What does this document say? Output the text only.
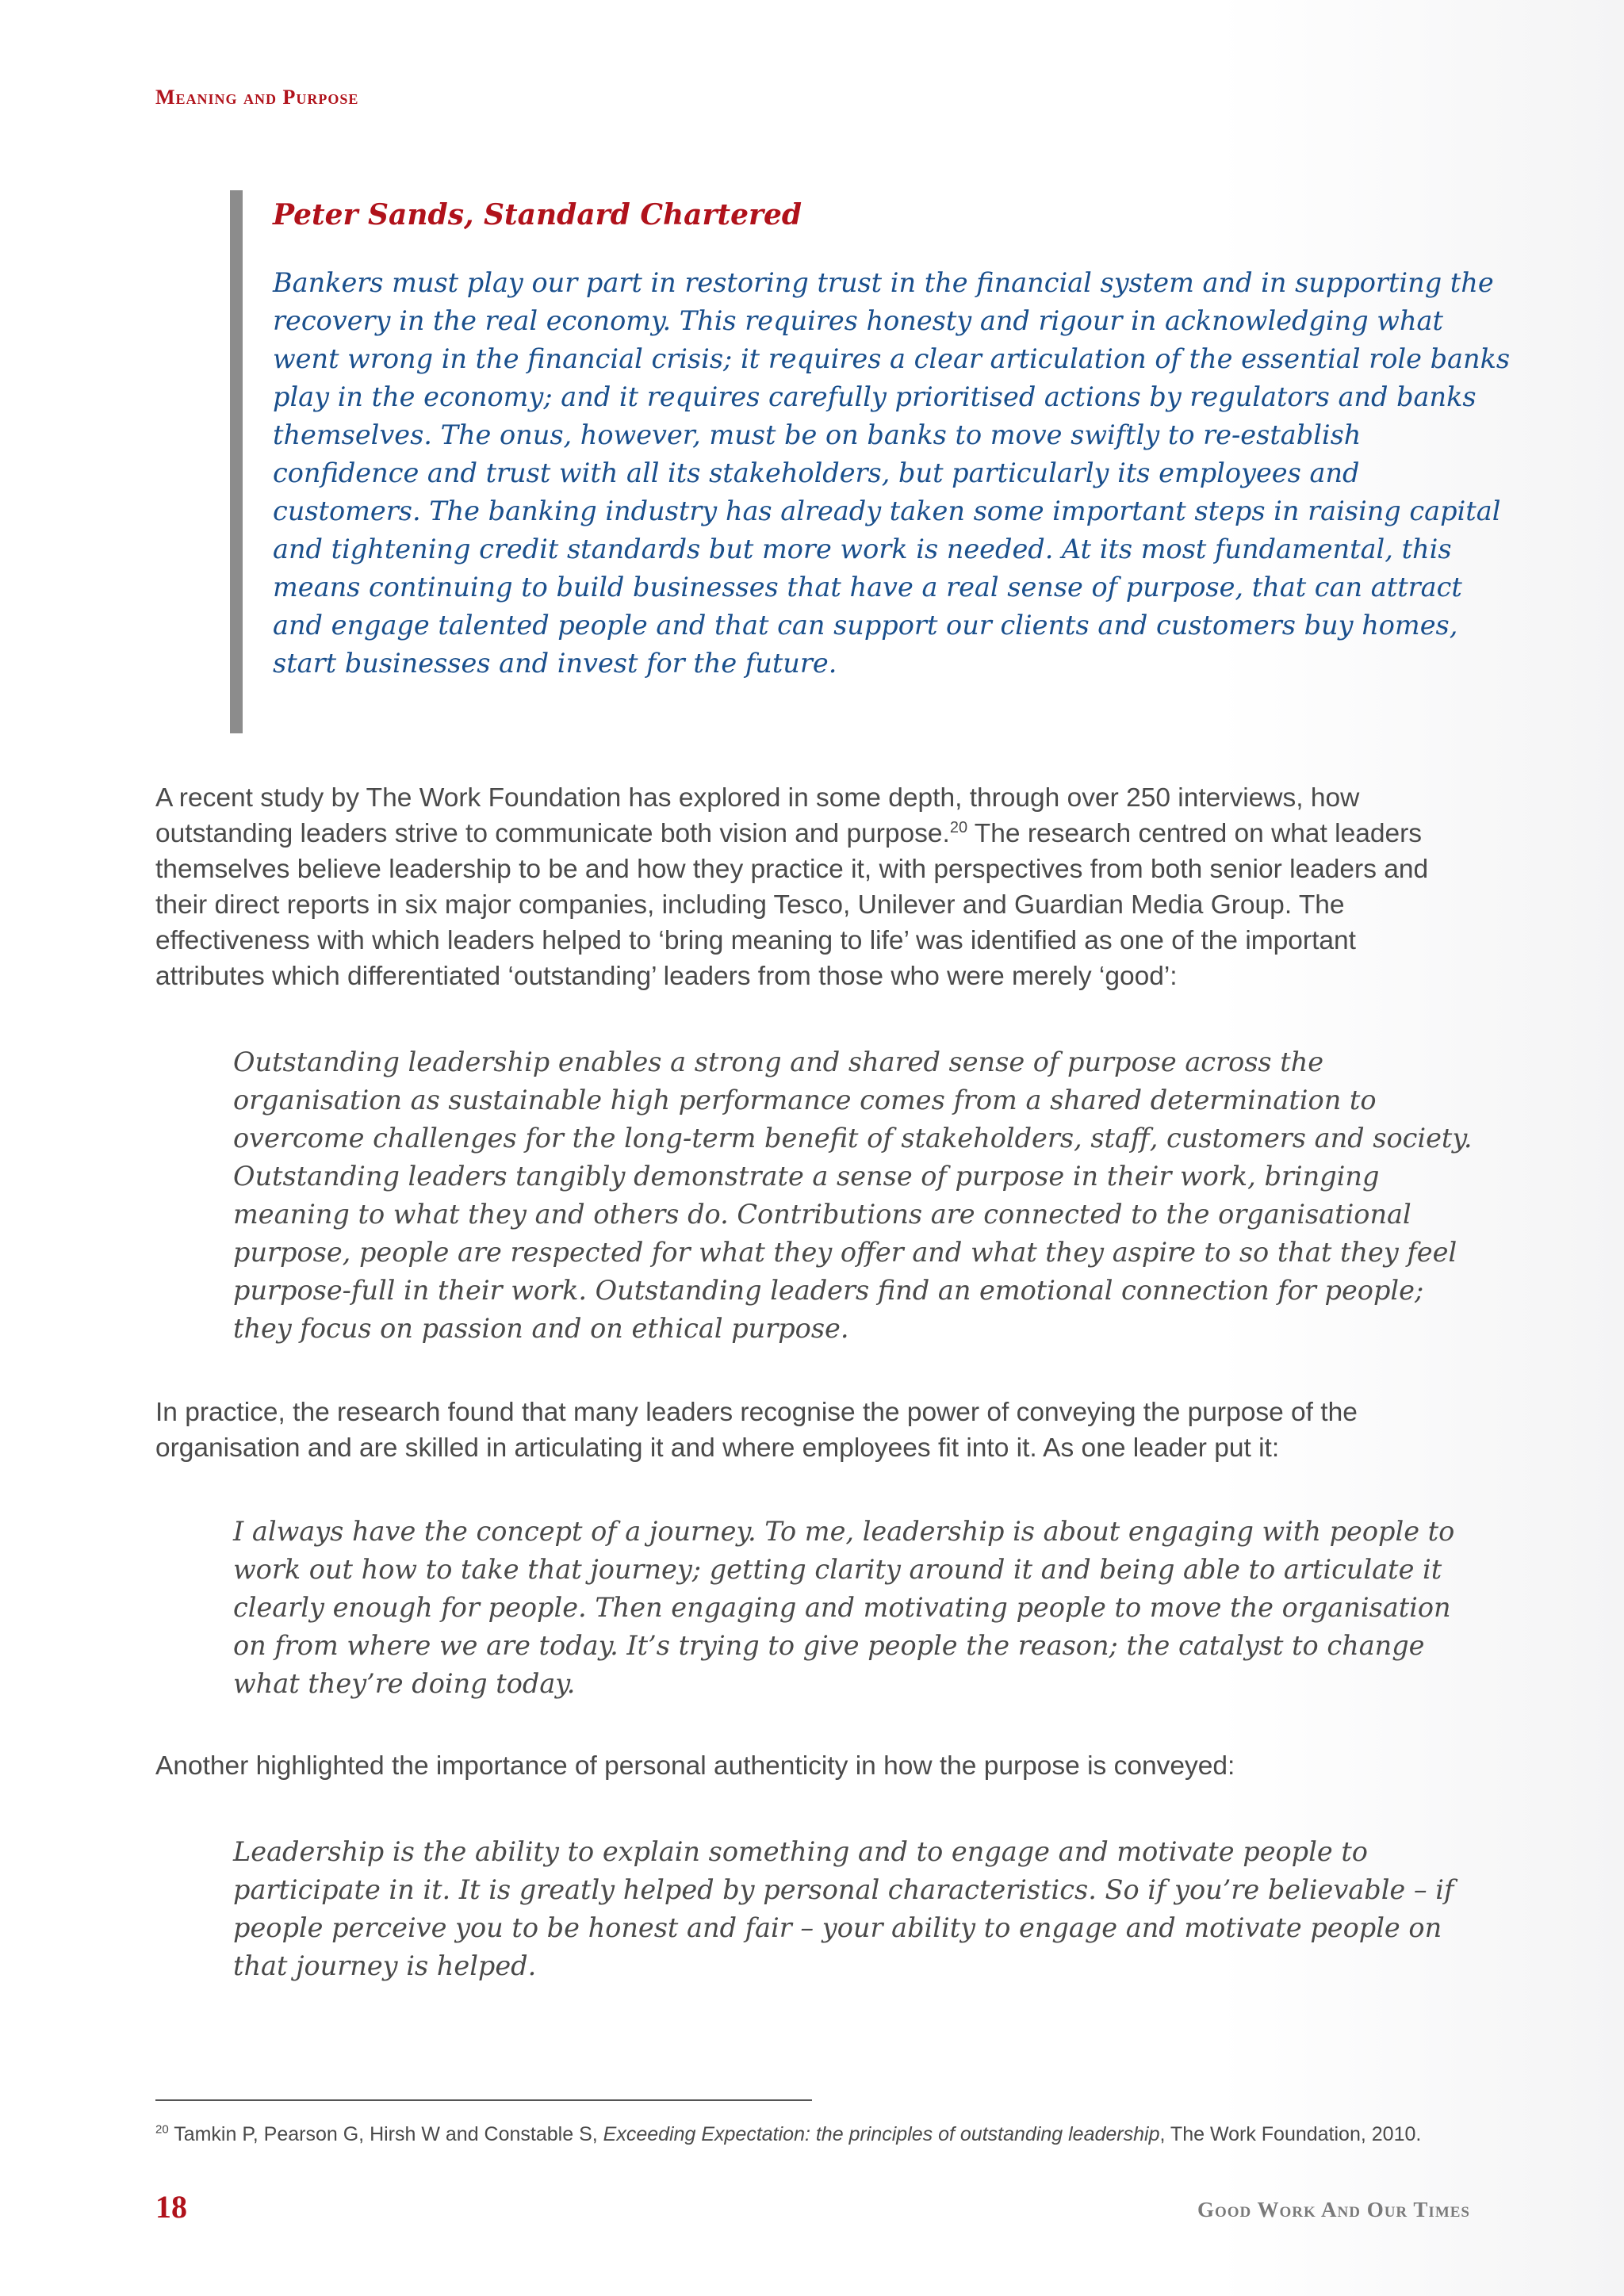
Meaning and Purpose
Peter Sands, Standard Chartered
Bankers must play our part in restoring trust in the financial system and in supporting the recovery in the real economy. This requires honesty and rigour in acknowledging what went wrong in the financial crisis; it requires a clear articulation of the essential role banks play in the economy; and it requires carefully prioritised actions by regulators and banks themselves. The onus, however, must be on banks to move swiftly to re-establish confidence and trust with all its stakeholders, but particularly its employees and customers. The banking industry has already taken some important steps in raising capital and tightening credit standards but more work is needed. At its most fundamental, this means continuing to build businesses that have a real sense of purpose, that can attract and engage talented people and that can support our clients and customers buy homes, start businesses and invest for the future.

A recent study by The Work Foundation has explored in some depth, through over 250 interviews, how outstanding leaders strive to communicate both vision and purpose.$^{20}$ The research centred on what leaders themselves believe leadership to be and how they practice it, with perspectives from both senior leaders and their direct reports in six major companies, including Tesco, Unilever and Guardian Media Group. The effectiveness with which leaders helped to ‘bring meaning to life’ was identified as one of the important attributes which differentiated ‘outstanding’ leaders from those who were merely ‘good’:

Outstanding leadership enables a strong and shared sense of purpose across the organisation as sustainable high performance comes from a shared determination to overcome challenges for the long-term benefit of stakeholders, staff, customers and society. Outstanding leaders tangibly demonstrate a sense of purpose in their work, bringing meaning to what they and others do. Contributions are connected to the organisational purpose, people are respected for what they offer and what they aspire to so that they feel purpose-full in their work. Outstanding leaders find an emotional connection for people; they focus on passion and on ethical purpose.

In practice, the research found that many leaders recognise the power of conveying the purpose of the organisation and are skilled in articulating it and where employees fit into it. As one leader put it:

I always have the concept of a journey. To me, leadership is about engaging with people to work out how to take that journey; getting clarity around it and being able to articulate it clearly enough for people. Then engaging and motivating people to move the organisation on from where we are today. It’s trying to give people the reason; the catalyst to change what they’re doing today.

Another highlighted the importance of personal authenticity in how the purpose is conveyed:

Leadership is the ability to explain something and to engage and motivate people to participate in it. It is greatly helped by personal characteristics. So if you’re believable – if people perceive you to be honest and fair – your ability to engage and motivate people on that journey is helped.
$^{20}$ Tamkin P, Pearson G, Hirsh W and Constable S, Exceeding Expectation: the principles of outstanding leadership, The Work Foundation, 2010.
18	Good Work And Our Times
